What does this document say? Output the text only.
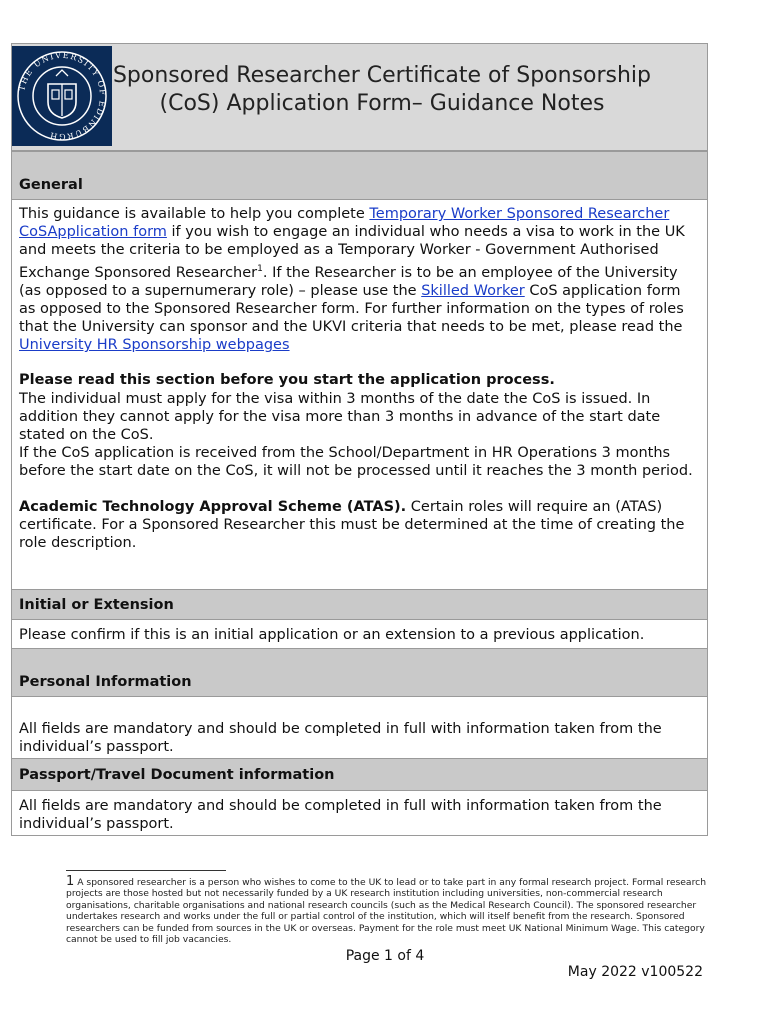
THE UNIVERSITY OF EDINBURGH
Sponsored Researcher Certificate of Sponsorship (CoS) Application Form– Guidance Notes
General
This guidance is available to help you complete Temporary Worker Sponsored Researcher CoSApplication form if you wish to engage an individual who needs a visa to work in the UK and meets the criteria to be employed as a Temporary Worker - Government Authorised Exchange Sponsored Researcher$^1$. If the Researcher is to be an employee of the University (as opposed to a supernumerary role) – please use the Skilled Worker CoS application form as opposed to the Sponsored Researcher form. For further information on the types of roles that the University can sponsor and the UKVI criteria that needs to be met, please read the University HR Sponsorship webpages
Please read this section before you start the application process.
The individual must apply for the visa within 3 months of the date the CoS is issued. In addition they cannot apply for the visa more than 3 months in advance of the start date stated on the CoS.
If the CoS application is received from the School/Department in HR Operations 3 months before the start date on the CoS, it will not be processed until it reaches the 3 month period.
Academic Technology Approval Scheme (ATAS). Certain roles will require an (ATAS) certificate. For a Sponsored Researcher this must be determined at the time of creating the role description.
Initial or Extension
Please confirm if this is an initial application or an extension to a previous application.
Personal Information
All fields are mandatory and should be completed in full with information taken from the individual’s passport.
Passport/Travel Document information
All fields are mandatory and should be completed in full with information taken from the individual’s passport.
1 A sponsored researcher is a person who wishes to come to the UK to lead or to take part in any formal research project. Formal research projects are those hosted but not necessarily funded by a UK research institution including universities, non-commercial research organisations, charitable organisations and national research councils (such as the Medical Research Council). The sponsored researcher undertakes research and works under the full or partial control of the institution, which will itself benefit from the research. Sponsored researchers can be funded from sources in the UK or overseas. Payment for the role must meet UK National Minimum Wage. This category cannot be used to fill job vacancies.
Page 1 of 4
May 2022 v100522
